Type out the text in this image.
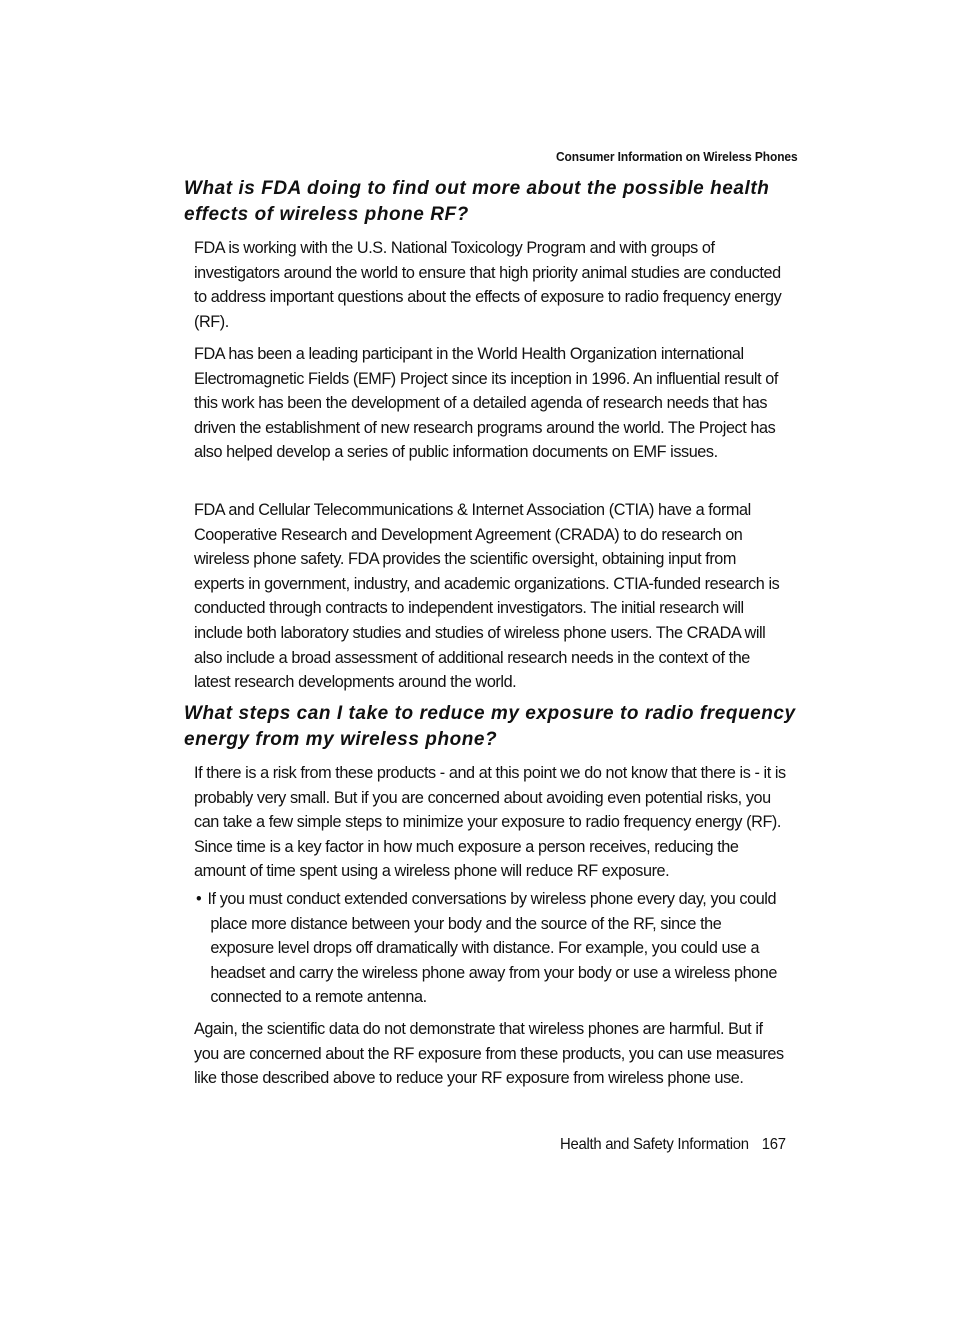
Consumer Information on Wireless Phones
What is FDA doing to find out more about the possible health effects of wireless phone RF?

FDA is working with the U.S. National Toxicology Program and with groups of investigators around the world to ensure that high priority animal studies are conducted to address important questions about the effects of exposure to radio frequency energy (RF).

FDA has been a leading participant in the World Health Organization international Electromagnetic Fields (EMF) Project since its inception in 1996. An influential result of this work has been the development of a detailed agenda of research needs that has driven the establishment of new research programs around the world. The Project has also helped develop a series of public information documents on EMF issues.

FDA and Cellular Telecommunications & Internet Association (CTIA) have a formal Cooperative Research and Development Agreement (CRADA) to do research on wireless phone safety. FDA provides the scientific oversight, obtaining input from experts in government, industry, and academic organizations. CTIA-funded research is conducted through contracts to independent investigators. The initial research will include both laboratory studies and studies of wireless phone users. The CRADA will also include a broad assessment of additional research needs in the context of the latest research developments around the world.

What steps can I take to reduce my exposure to radio frequency energy from my wireless phone?

If there is a risk from these products - and at this point we do not know that there is - it is probably very small. But if you are concerned about avoiding even potential risks, you can take a few simple steps to minimize your exposure to radio frequency energy (RF). Since time is a key factor in how much exposure a person receives, reducing the amount of time spent using a wireless phone will reduce RF exposure.

• If you must conduct extended conversations by wireless phone every day, you could place more distance between your body and the source of the RF, since the exposure level drops off dramatically with distance. For example, you could use a headset and carry the wireless phone away from your body or use a wireless phone connected to a remote antenna.

Again, the scientific data do not demonstrate that wireless phones are harmful. But if you are concerned about the RF exposure from these products, you can use measures like those described above to reduce your RF exposure from wireless phone use.

Health and Safety Information 167
